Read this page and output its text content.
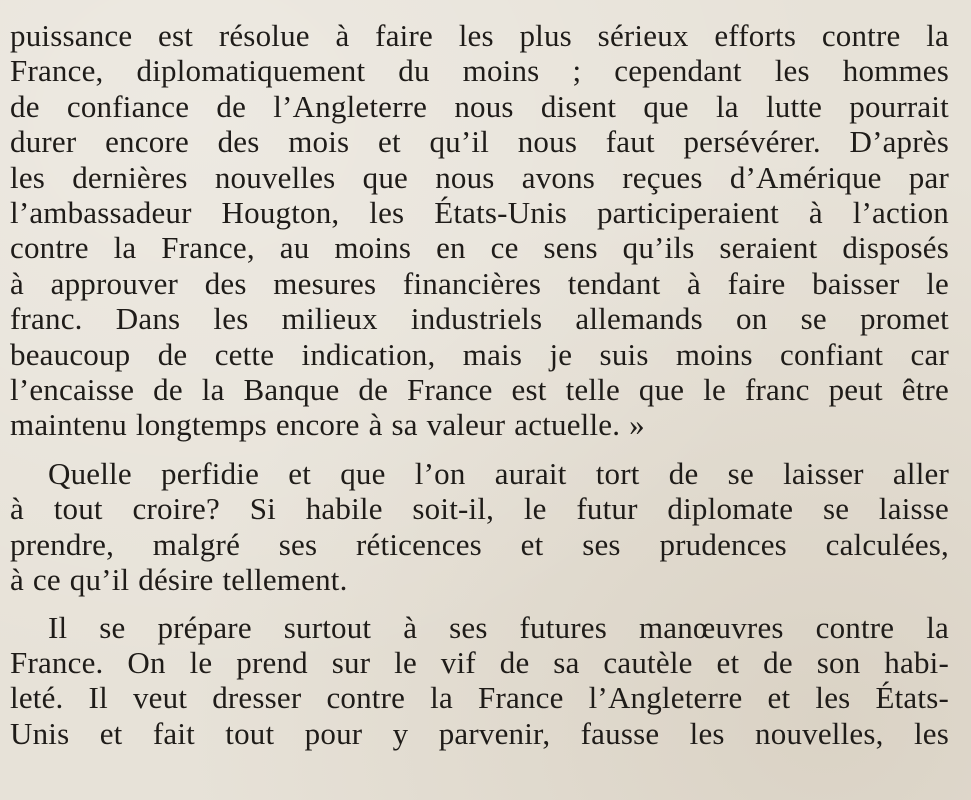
puissance est résolue à faire les plus sérieux efforts contre la
France, diplomatiquement du moins ; cependant les hommes
de confiance de l’Angleterre nous disent que la lutte pourrait
durer encore des mois et qu’il nous faut persévérer. D’après
les dernières nouvelles que nous avons reçues d’Amérique par
l’ambassadeur Hougton, les États-Unis participeraient à l’action
contre la France, au moins en ce sens qu’ils seraient disposés
à approuver des mesures financières tendant à faire baisser le
franc. Dans les milieux industriels allemands on se promet
beaucoup de cette indication, mais je suis moins confiant car
l’encaisse de la Banque de France est telle que le franc peut être
maintenu longtemps encore à sa valeur actuelle. »
Quelle perfidie et que l’on aurait tort de se laisser aller
à tout croire? Si habile soit-il, le futur diplomate se laisse
prendre, malgré ses réticences et ses prudences calculées,
à ce qu’il désire tellement.
Il se prépare surtout à ses futures manœuvres contre la
France. On le prend sur le vif de sa cautèle et de son habi-
leté. Il veut dresser contre la France l’Angleterre et les États-
Unis et fait tout pour y parvenir, fausse les nouvelles, les
